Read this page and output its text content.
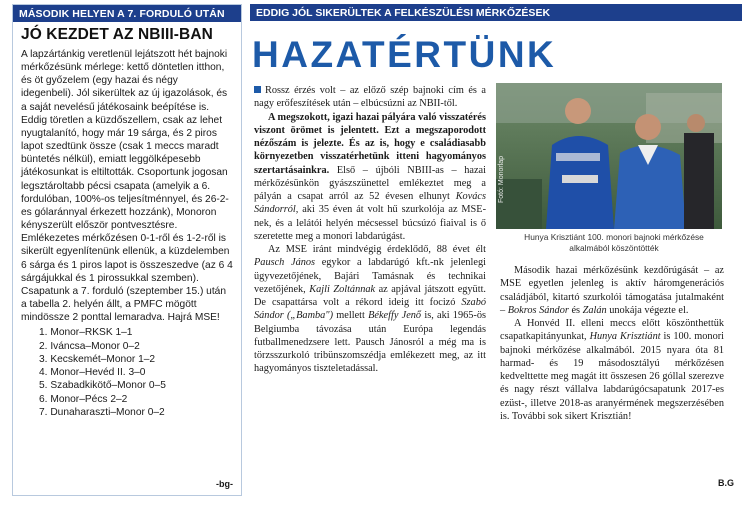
MÁSODIK HELYEN A 7. FORDULÓ UTÁN
JÓ KEZDET AZ NBIII-BAN

A lapzártánkig veretlenül lejátszott hét bajnoki mérkőzésünk mérlege: kettő döntetlen itthon, és öt győzelem (egy hazai és négy idegenbeli). Jól sikerültek az új igazolások, és a saját nevelésű játékosaink beépítése is. Eddig töretlen a küzdőszellem, csak az lehet nyugtalanító, hogy már 19 sárga, és 2 piros lapot szedtünk össze (csak 1 meccs maradt büntetés nélkül), emiatt leggölképesebb játékosunkat is eltiltották. Csoportunk jogosan legsztároltabb pécsi csapata (amelyik a 6. fordulóban, 100%-os teljesítménnyel, és 26-2-es gólaránnyal érkezett hozzánk), Monoron kényszerült először pontvesztésre. Emlékezetes mérkőzésen 0-1-ről és 1-2-ről is sikerült egyenlítenünk ellenük, a küzdelemben 6 sárga és 1 piros lapot is összeszedve (az 6 4 sárgájukkal és 1 pirossukkal szemben). Csapatunk a 7. forduló (szeptember 15.) után a tabella 2. helyén állt, a PMFC mögött mindössze 2 ponttal lemaradva. Hajrá MSE!

1. Monor–RKSK 1–1
2. Iváncsa–Monor 0–2
3. Kecskemét–Monor 1–2
4. Monor–Hevéd II. 3–0
5. Szabadkikötő–Monor 0–5
6. Monor–Pécs 2–2
7. Dunaharaszti–Monor 0–2
-bg-
EDDIG JÓL SIKERÜLTEK A FELKÉSZÜLÉSI MÉRKŐZÉSEK
HAZATÉRTÜNK

Rossz érzés volt – az előző szép bajnoki cím és a nagy erőfeszítések után – elbúcsúzni az NBII-től.

A megszokott, igazi hazai pályára való visszatérés viszont örömet is jelentett. Ezt a megszaporodott nézőszám is jelezte. És az is, hogy e családiasabb környezetben visszatérhetünk itteni hagyományos szertartásainkra. Első – újbóli NBIII-as – hazai mérkőzésünkön gyászszünettel emlékeztet meg a pályán a csapat arról az 52 évesen elhunyt Kovács Sándorról, aki 35 éven át volt hű szurkolója az MSE-nek, és a lelátói helyén mécsessel búcsúzó fiaival is ő szeretette meg a monori labdarúgást.

Az MSE iránt mindvégig érdeklődő, 88 évet élt Pausch János egykor a labdarúgó kft.-nk jelenlegi ügyvezetőjének, Bajári Tamásnak és technikai vezetőjének, Kajli Zoltánnak az apjával játszott együtt. De csapattársa volt a rékord ideig itt focizó Szabó Sándor („Bamba") mellett Békeffy Jenő is, aki 1965-ös Belgiumba távozása után Európa legendás futballmenedzsere lett. Pausch Jánosról a még ma is törzsszurkoló tribünszomszédja emlékezett meg, az itt hagyományos tiszteletadással.

Második hazai mérkőzésünk kezdőrúgását – az MSE egyetlen jelenleg is aktív háromgenerációs családjából, kitartó szurkolói támogatása jutalmaként – Bokros Sándor és Zalán unokája végezte el.

A Honvéd II. elleni meccs előtt köszönthettük csapatkapitányunkat, Hunya Krisztiánt is 100. monori bajnoki mérkőzése alkalmából. 2015 nyara óta 81 harmad- és 19 másodosztályú mérkőzésen kedvelttette meg magát itt összesen 26 góllal szerezve és nagy részt vállalva labdarúgócsapatunk 2017-es ezüst-, illetve 2018-as aranyérmének megszerzésében is. További sok sikert Krisztián!

B.G
Fotó: Monorlap
Hunya Krisztiánt 100. monori bajnoki mérkőzése alkalmából köszöntötték
